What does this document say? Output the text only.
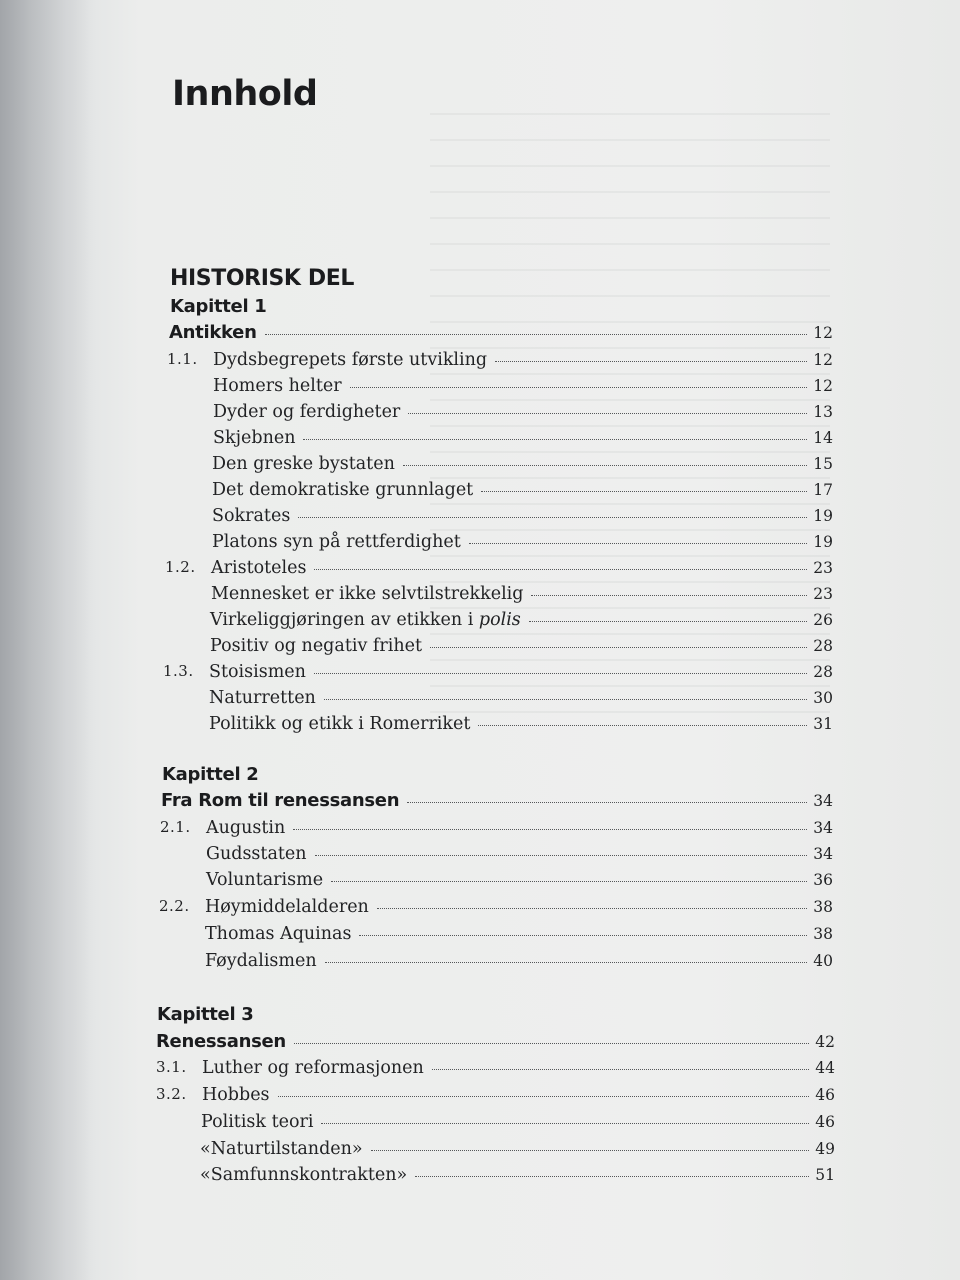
Innhold
HISTORISK DEL
Kapittel 1
Antikken	12
1.1. Dydsbegrepets første utvikling	12
Homers helter	12
Dyder og ferdigheter	13
Skjebnen	14
Den greske bystaten	15
Det demokratiske grunnlaget	17
Sokrates	19
Platons syn på rettferdighet	19
1.2. Aristoteles	23
Mennesket er ikke selvtilstrekkelig	23
Virkeliggjøringen av etikken i polis	26
Positiv og negativ frihet	28
1.3. Stoisismen	28
Naturretten	30
Politikk og etikk i Romerriket	31
Kapittel 2
Fra Rom til renessansen	34
2.1. Augustin	34
Gudsstaten	34
Voluntarisme	36
2.2. Høymiddelalderen	38
Thomas Aquinas	38
Føydalismen	40
Kapittel 3
Renessansen	42
3.1. Luther og reformasjonen	44
3.2. Hobbes	46
Politisk teori	46
«Naturtilstanden»	49
«Samfunnskontrakten»	51
